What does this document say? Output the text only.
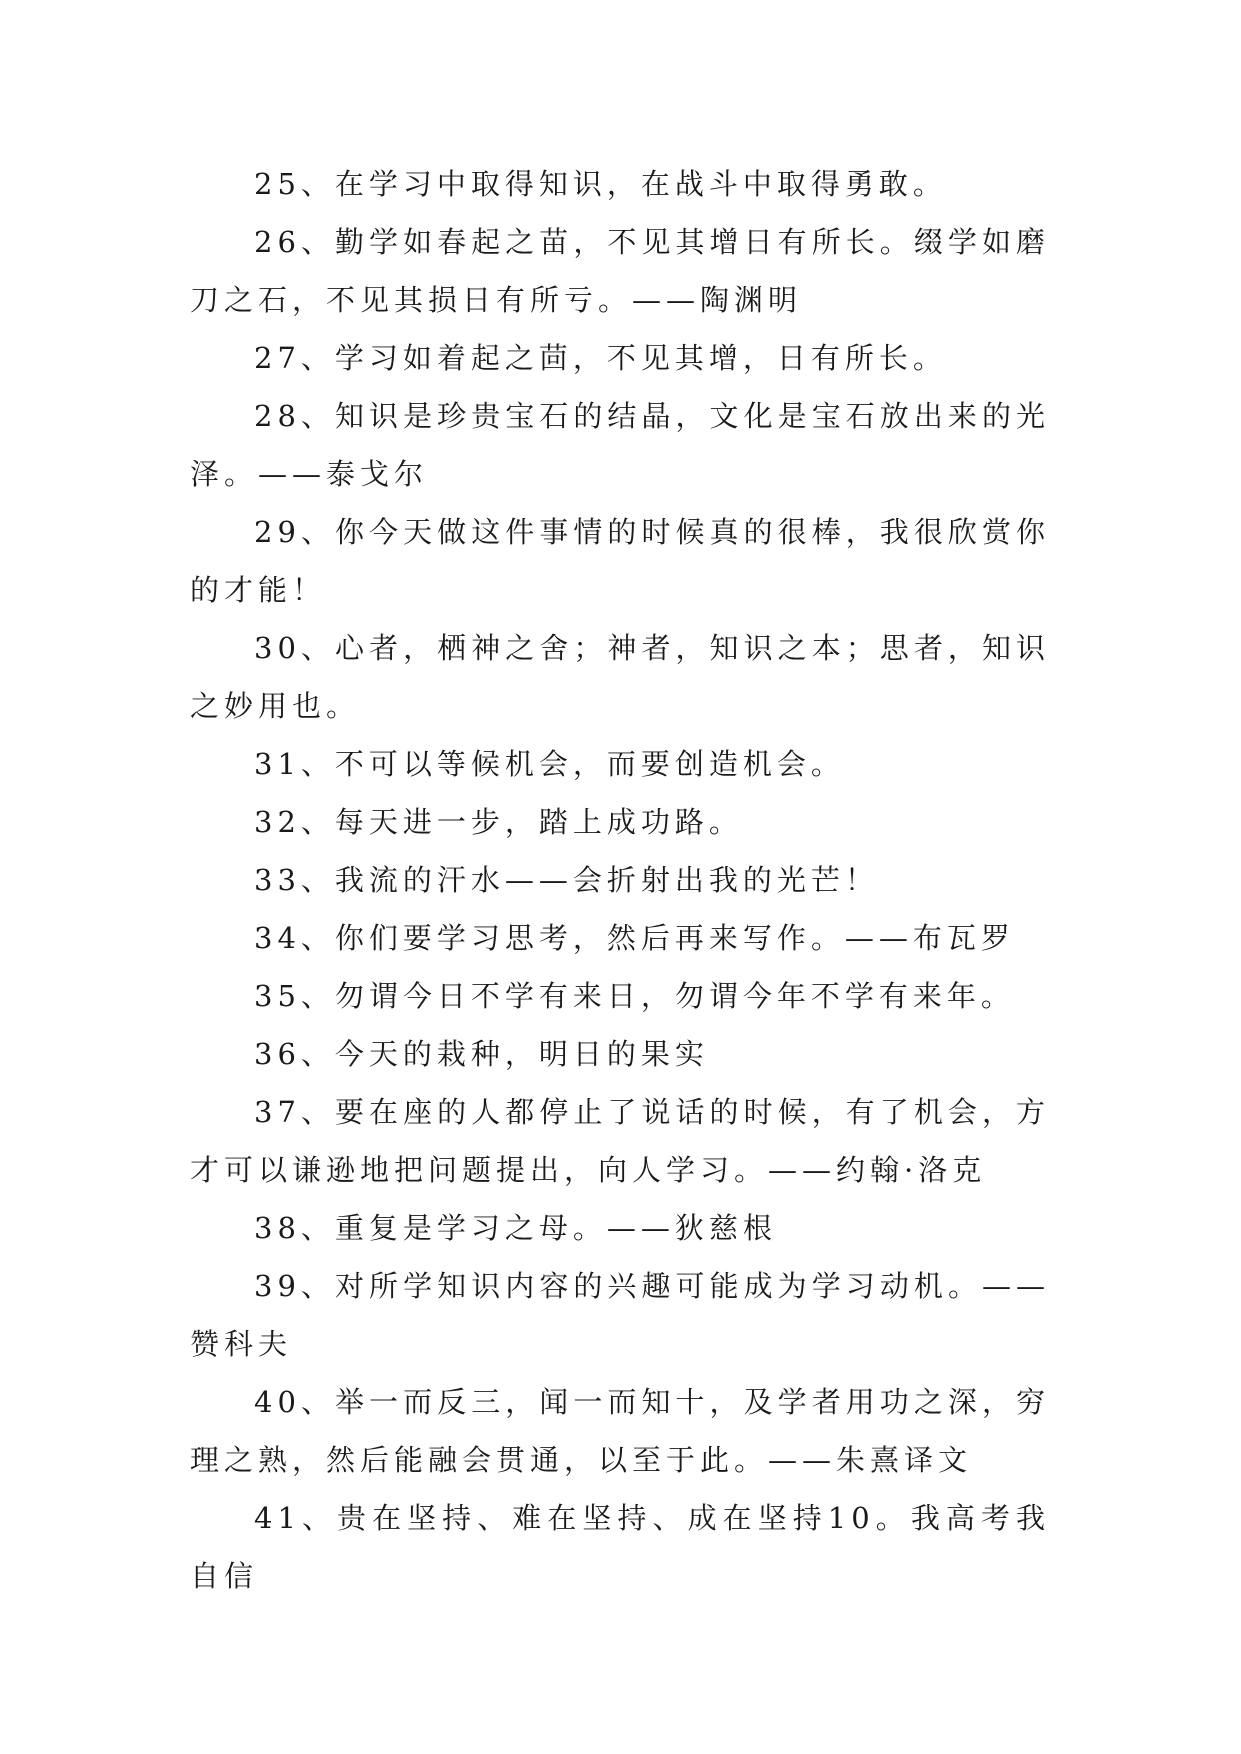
25、在学习中取得知识，在战斗中取得勇敢。

26、勤学如春起之苗，不见其增日有所长。缀学如磨刀之石，不见其损日有所亏。——陶渊明

27、学习如着起之茴，不见其增，日有所长。

28、知识是珍贵宝石的结晶，文化是宝石放出来的光泽。——泰戈尔

29、你今天做这件事情的时候真的很棒，我很欣赏你的才能！

30、心者，栖神之舍；神者，知识之本；思者，知识之妙用也。

31、不可以等候机会，而要创造机会。

32、每天进一步，踏上成功路。

33、我流的汗水——会折射出我的光芒！

34、你们要学习思考，然后再来写作。——布瓦罗

35、勿谓今日不学有来日，勿谓今年不学有来年。

36、今天的栽种，明日的果实

37、要在座的人都停止了说话的时候，有了机会，方才可以谦逊地把问题提出，向人学习。——约翰·洛克

38、重复是学习之母。——狄慈根

39、对所学知识内容的兴趣可能成为学习动机。——赞科夫

40、举一而反三，闻一而知十，及学者用功之深，穷理之熟，然后能融会贯通，以至于此。——朱熹译文

41、贵在坚持、难在坚持、成在坚持10。我高考我自信
